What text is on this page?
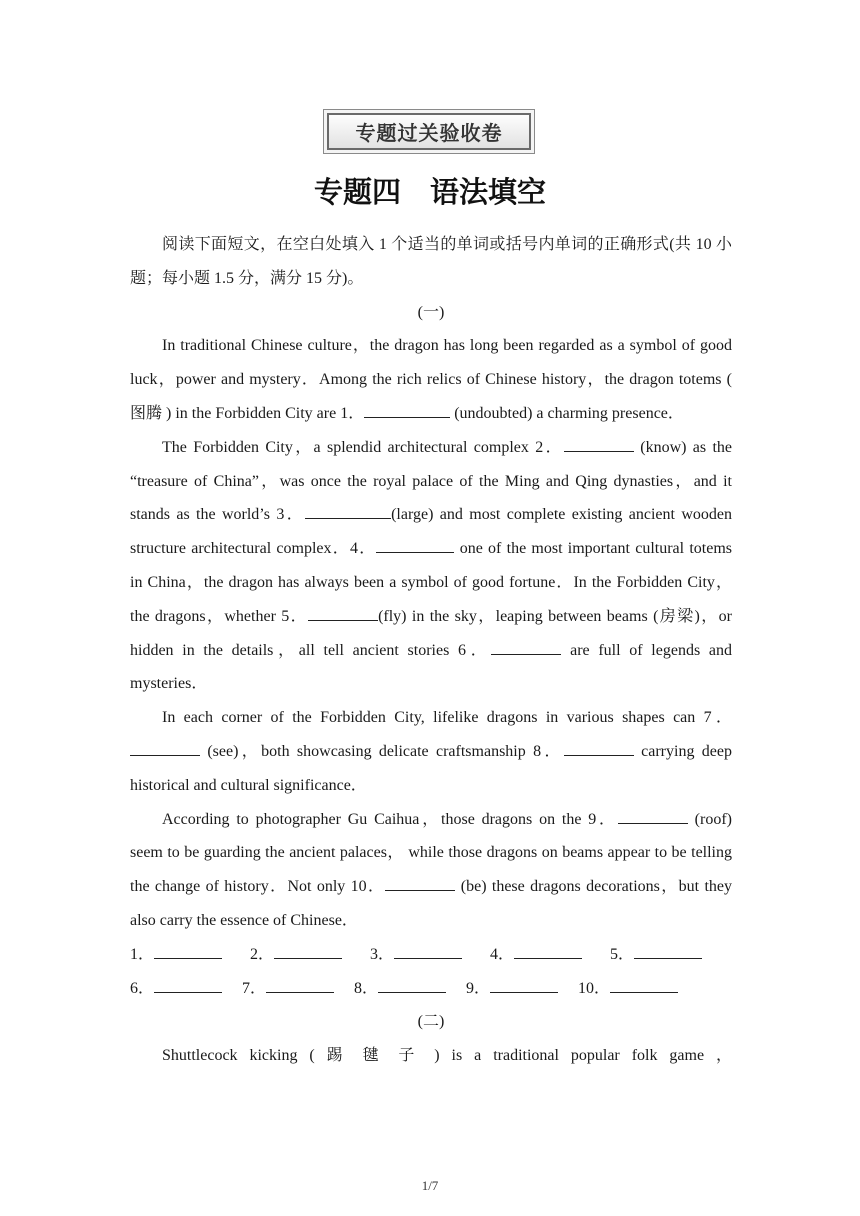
专题过关验收卷
专题四　语法填空

阅读下面短文，在空白处填入 1 个适当的单词或括号内单词的正确形式(共 10 小题；每小题 1.5 分，满分 15 分)。

(一)

In traditional Chinese culture，the dragon has long been regarded as a symbol of good luck，power and mystery．Among the rich relics of Chinese history，the dragon totems ( 图腾 ) in the Forbidden City are 1．	(undoubted) a charming presence．

The Forbidden City，a splendid architectural complex 2．	(know) as the “treasure of China”，was once the royal palace of the Ming and Qing dynasties，and it stands as the world’s 3．	(large) and most complete existing ancient wooden structure architectural complex．4．	one of the most important cultural totems in China，the dragon has always been a symbol of good fortune．In the Forbidden City，the dragons，whether 5．	(fly) in the sky，leaping between beams (房梁)，or hidden in the details，all tell ancient stories 6．	are full of legends and mysteries．

In each corner of the Forbidden City, lifelike dragons in various shapes can 7． (see)，both showcasing delicate craftsmanship 8．	carrying deep historical and cultural significance．

According to photographer Gu Caihua，those dragons on the 9．	(roof) seem to be guarding the ancient palaces， while those dragons on beams appear to be telling the change of history．Not only 10．	(be) these dragons decorations，but they also carry the essence of Chinese．

1．	2．	3．	4．	5．

6．	7．	8．	9．	10．

(二)

Shuttlecock kicking ( 踢 毽 子 ) is a traditional popular folk game ，

1/7
